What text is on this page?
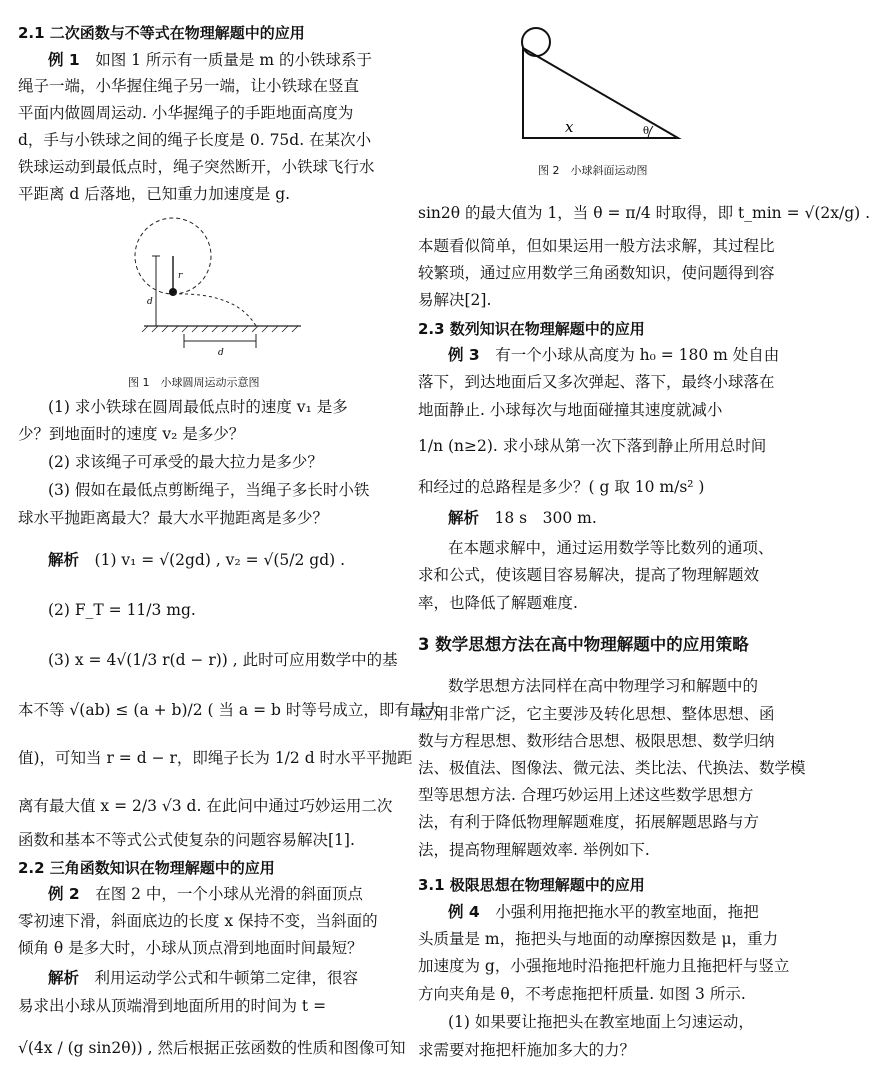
2.1 二次函数与不等式在物理解题中的应用
例 1　 如图 1 所示有一质量是 m 的小铁球系于
绳子一端，小华握住绳子另一端，让小铁球在竖直
平面内做圆周运动. 小华握绳子的手距地面高度为
d，手与小铁球之间的绳子长度是 0. 75d. 在某次小
铁球运动到最低点时，绳子突然断开，小铁球飞行水
平距离 d 后落地，已知重力加速度是 g.
r
d
d
图 1　小球圆周运动示意图
(1) 求小铁球在圆周最低点时的速度 v₁ 是多
少？到地面时的速度 v₂ 是多少？
(2) 求该绳子可承受的最大拉力是多少？
(3) 假如在最低点剪断绳子，当绳子多长时小铁
球水平抛距离最大？最大水平抛距离是多少？
解析　 (1) v₁ = √(2gd) , v₂ = √(5/2 gd) .
(2) F_T = 11/3 mg.
(3) x = 4√(1/3 r(d − r)) , 此时可应用数学中的基
本不等 √(ab) ≤ (a + b)/2 ( 当 a = b 时等号成立，即有最大
值)，可知当 r = d − r，即绳子长为 1/2 d 时水平平抛距
离有最大值 x = 2/3 √3 d. 在此问中通过巧妙运用二次
函数和基本不等式公式使复杂的问题容易解决[1].
2.2 三角函数知识在物理解题中的应用
例 2　 在图 2 中，一个小球从光滑的斜面顶点
零初速下滑，斜面底边的长度 x 保持不变，当斜面的
倾角 θ 是多大时，小球从顶点滑到地面时间最短？
解析　 利用运动学公式和牛顿第二定律，很容
易求出小球从顶端滑到地面所用的时间为 t =
√(4x / (g sin2θ)) , 然后根据正弦函数的性质和图像可知
x	θ
图 2　小球斜面运动图
sin2θ 的最大值为 1，当 θ = π/4 时取得，即 t_min = √(2x/g) .
本题看似简单，但如果运用一般方法求解，其过程比
较繁琐，通过应用数学三角函数知识，使问题得到容
易解决[2].
2.3 数列知识在物理解题中的应用
例 3　 有一个小球从高度为 h₀ = 180 m 处自由
落下，到达地面后又多次弹起、落下，最终小球落在
地面静止. 小球每次与地面碰撞其速度就减小
1/n (n≥2). 求小球从第一次下落到静止所用总时间
和经过的总路程是多少？( g 取 10 m/s² )
解析　 18 s　300 m.
在本题求解中，通过运用数学等比数列的通项、
求和公式，使该题目容易解决，提高了物理解题效
率，也降低了解题难度.
3 数学思想方法在高中物理解题中的应用策略
数学思想方法同样在高中物理学习和解题中的
应用非常广泛，它主要涉及转化思想、整体思想、函
数与方程思想、数形结合思想、极限思想、数学归纳
法、极值法、图像法、微元法、类比法、代换法、数学模
型等思想方法. 合理巧妙运用上述这些数学思想方
法，有利于降低物理解题难度，拓展解题思路与方
法，提高物理解题效率. 举例如下.
3.1 极限思想在物理解题中的应用
例 4　 小强利用拖把拖水平的教室地面，拖把
头质量是 m，拖把头与地面的动摩擦因数是 μ，重力
加速度为 g，小强拖地时沿拖把杆施力且拖把杆与竖立
方向夹角是 θ，不考虑拖把杆质量. 如图 3 所示.
(1) 如果要让拖把头在教室地面上匀速运动，
求需要对拖把杆施加多大的力？
